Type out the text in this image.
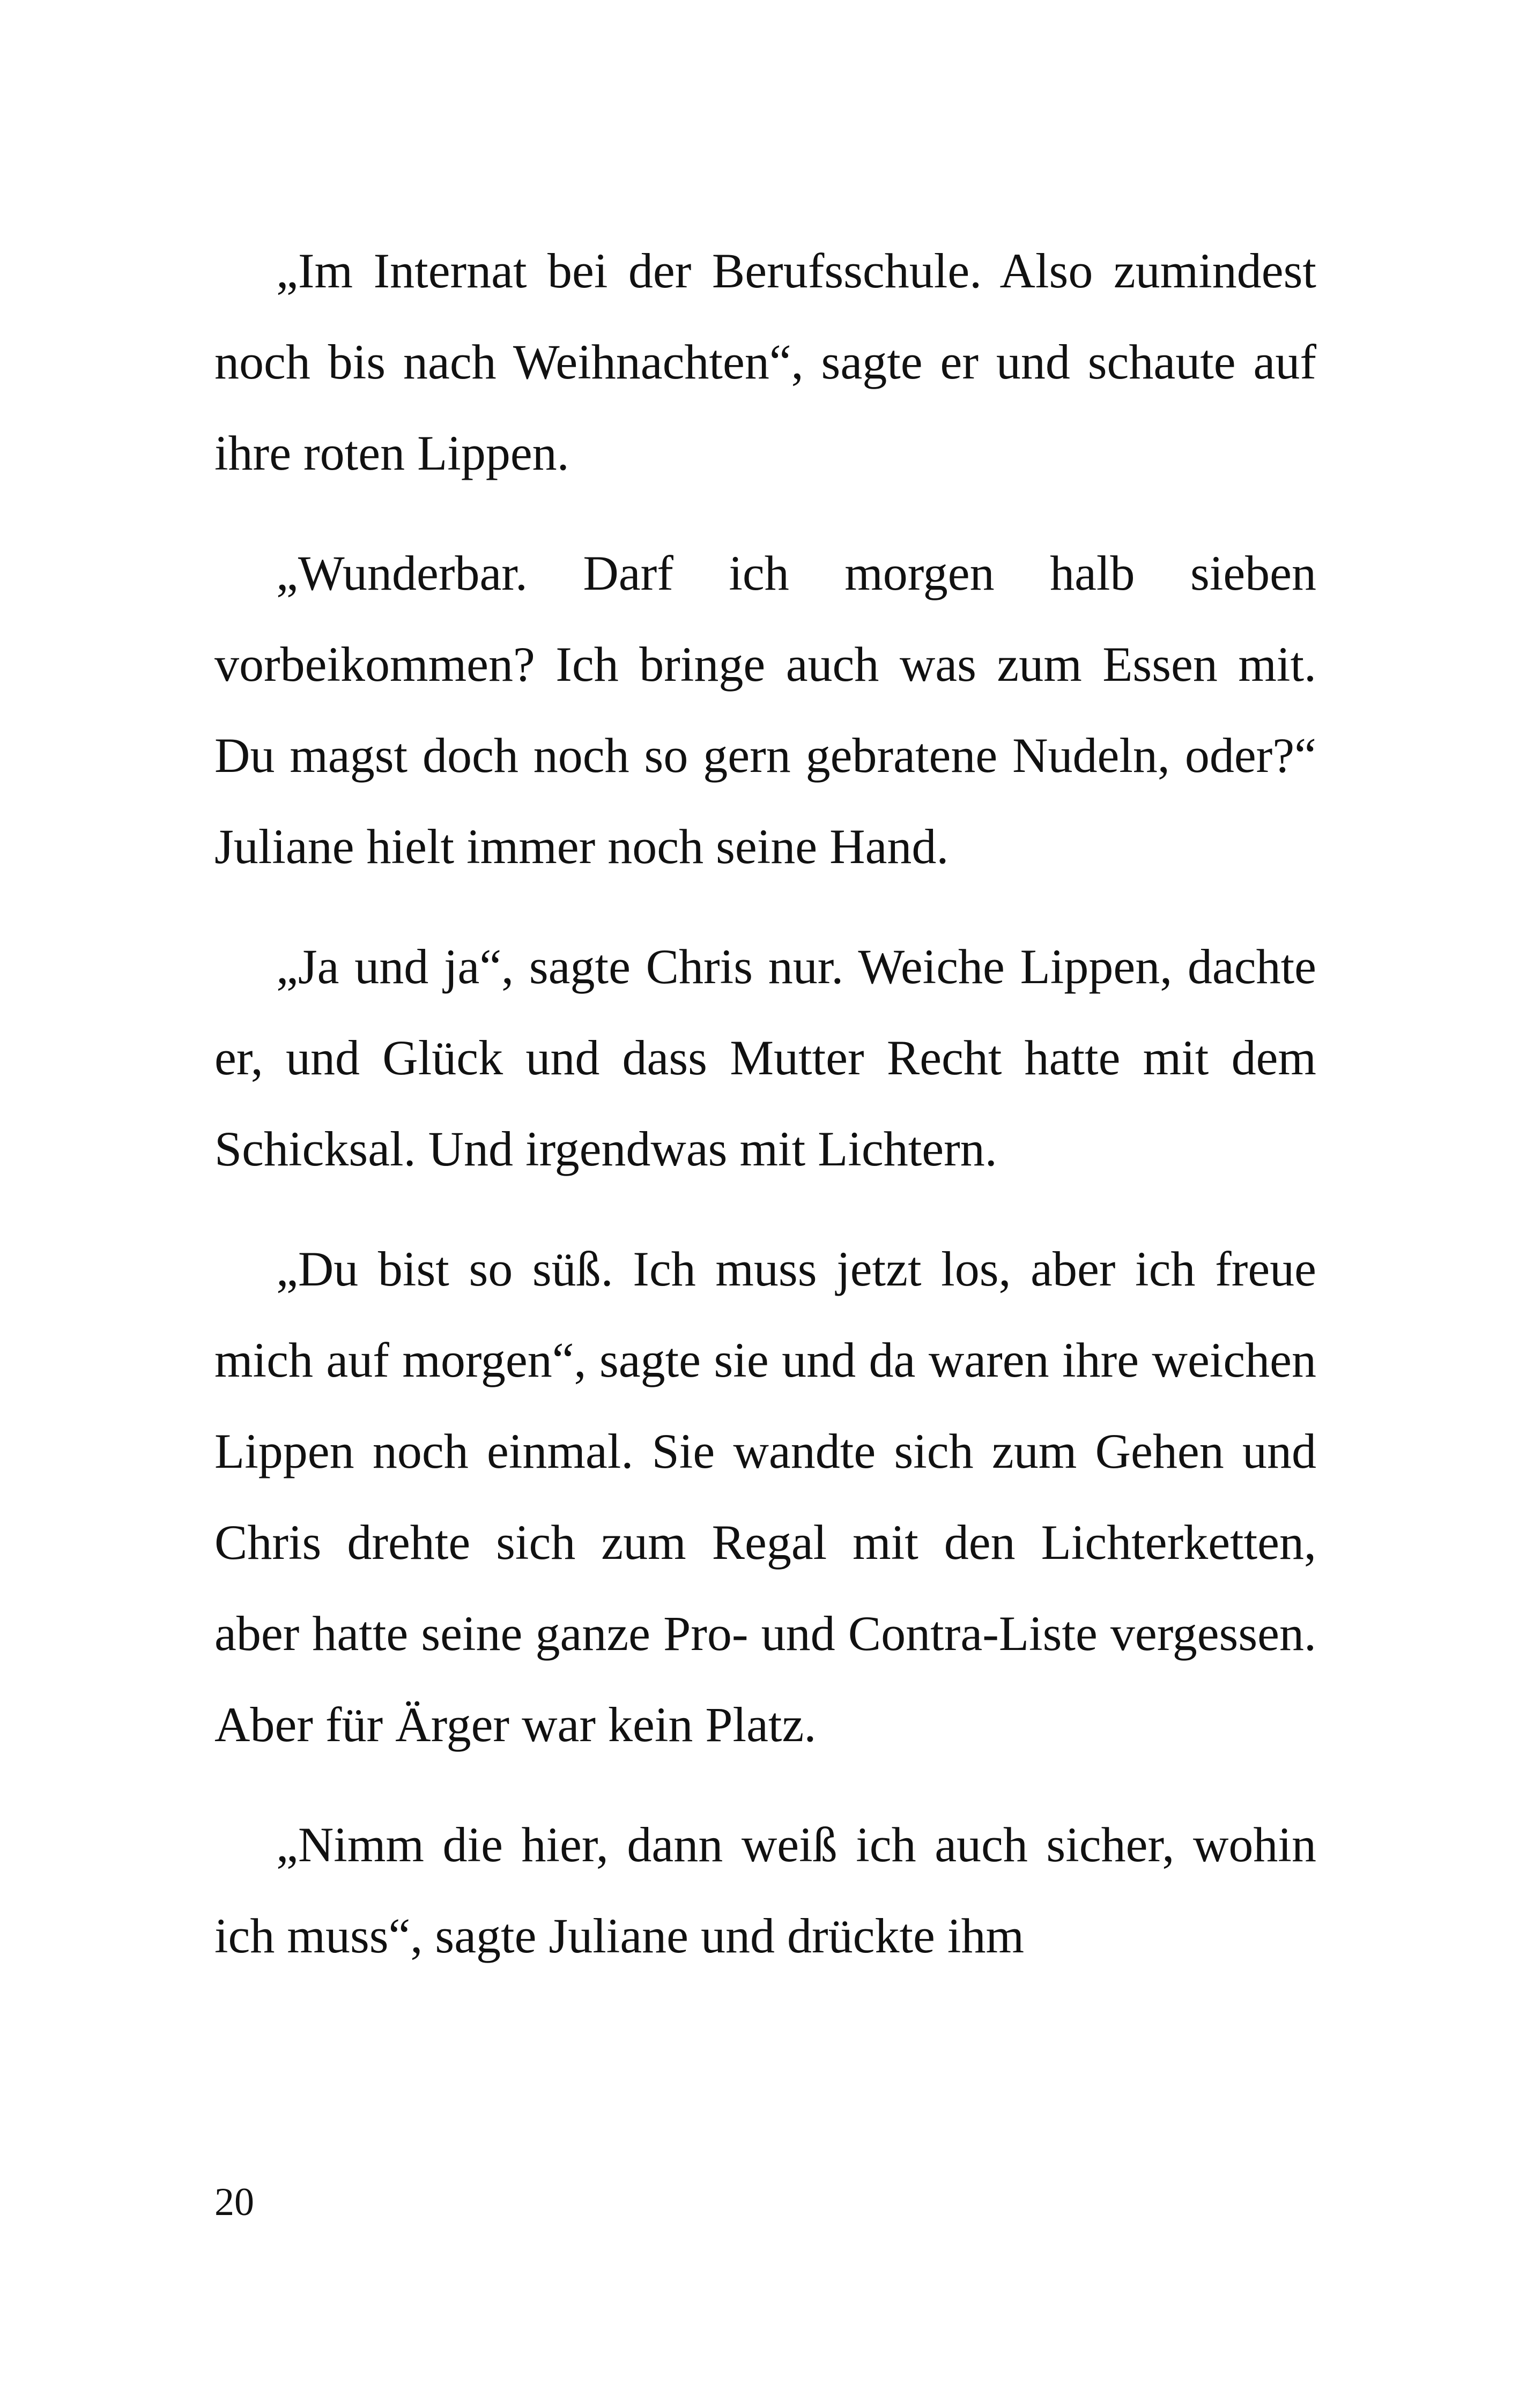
„Im Internat bei der Berufsschule. Also zumindest noch bis nach Weihnachten“, sagte er und schaute auf ihre roten Lippen.

„Wunderbar. Darf ich morgen halb sieben vorbeikommen? Ich bringe auch was zum Essen mit. Du magst doch noch so gern gebratene Nudeln, oder?“ Juliane hielt immer noch seine Hand.

„Ja und ja“, sagte Chris nur. Weiche Lippen, dachte er, und Glück und dass Mutter Recht hatte mit dem Schicksal. Und irgendwas mit Lichtern.

„Du bist so süß. Ich muss jetzt los, aber ich freue mich auf morgen“, sagte sie und da waren ihre weichen Lippen noch einmal. Sie wandte sich zum Gehen und Chris drehte sich zum Regal mit den Lichterketten, aber hatte seine ganze Pro- und Contra-Liste vergessen. Aber für Ärger war kein Platz.

„Nimm die hier, dann weiß ich auch sicher, wohin ich muss“, sagte Juliane und drückte ihm

20
